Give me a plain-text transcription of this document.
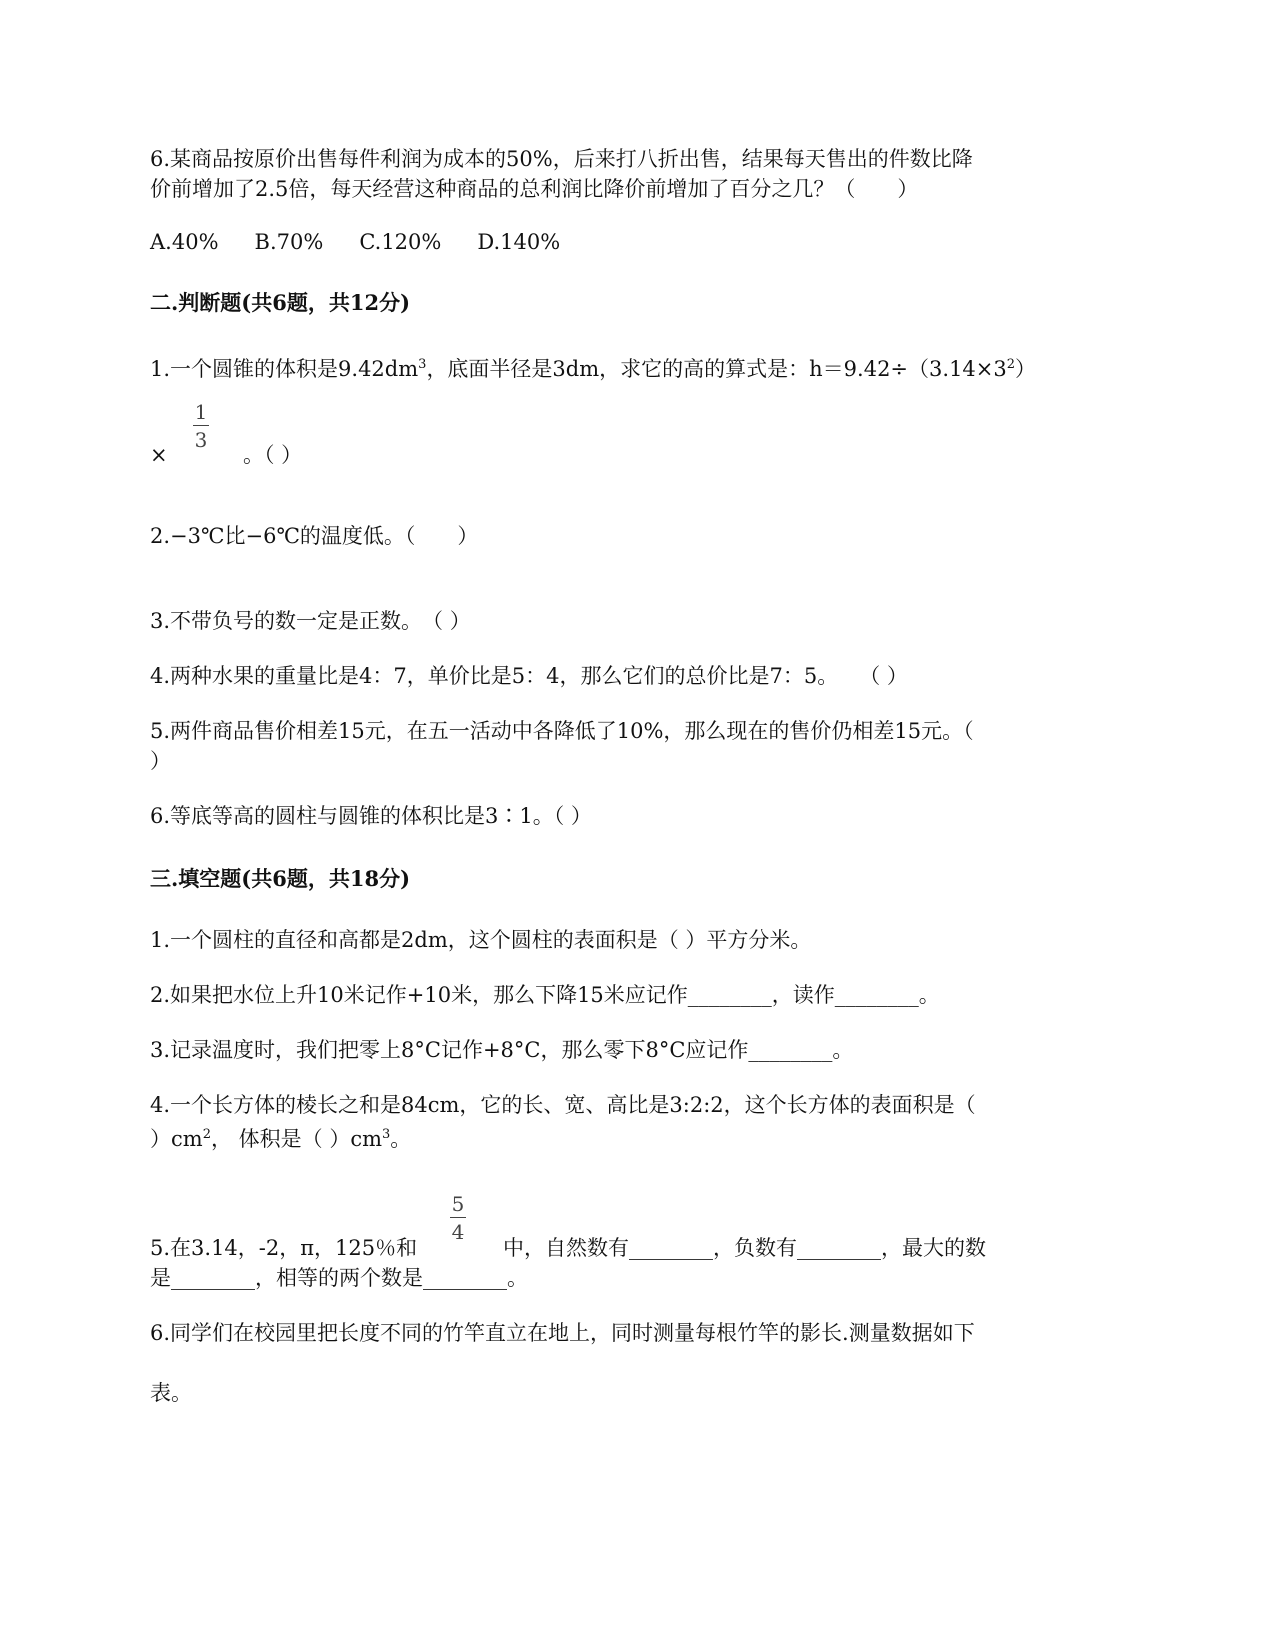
6.某商品按原价出售每件利润为成本的50%，后来打八折出售，结果每天售出的件数比降
价前增加了2.5倍，每天经营这种商品的总利润比降价前增加了百分之几？（　　）
A.40% B.70% C.120% D.140%
二.判断题(共6题，共12分)
1.一个圆锥的体积是$9.42dm^3$，底面半径是3dm，求它的高的算式是：$h=9.42\div(3.14\times 3^2)$
1
3
×	。（ ）
2.−3℃比−6℃的温度低。（　　）
3.不带负号的数一定是正数。　（ ）
4.两种水果的重量比是4：7，单价比是5：4，那么它们的总价比是7：5。　　（ ）
5.两件商品售价相差15元，在五一活动中各降低了10%，那么现在的售价仍相差15元。（
）
6.等底等高的圆柱与圆锥的体积比是3∶1。（ ）
三.填空题(共6题，共18分)
1.一个圆柱的直径和高都是2dm，这个圆柱的表面积是（ ）平方分米。
2.如果把水位上升10米记作+10米，那么下降15米应记作________，读作________。
3.记录温度时，我们把零上8°C记作+8°C，那么零下8°C应记作________。
4.一个长方体的棱长之和是84cm，它的长、宽、高比是3:2:2，这个长方体的表面积是（
）$cm^2$， 体积是（ ）$cm^3$。
5
4
5.在3.14，-2，π，125％和	中，自然数有________，负数有________，最大的数
是________，相等的两个数是________。
6.同学们在校园里把长度不同的竹竿直立在地上，同时测量每根竹竿的影长.测量数据如下
表。
